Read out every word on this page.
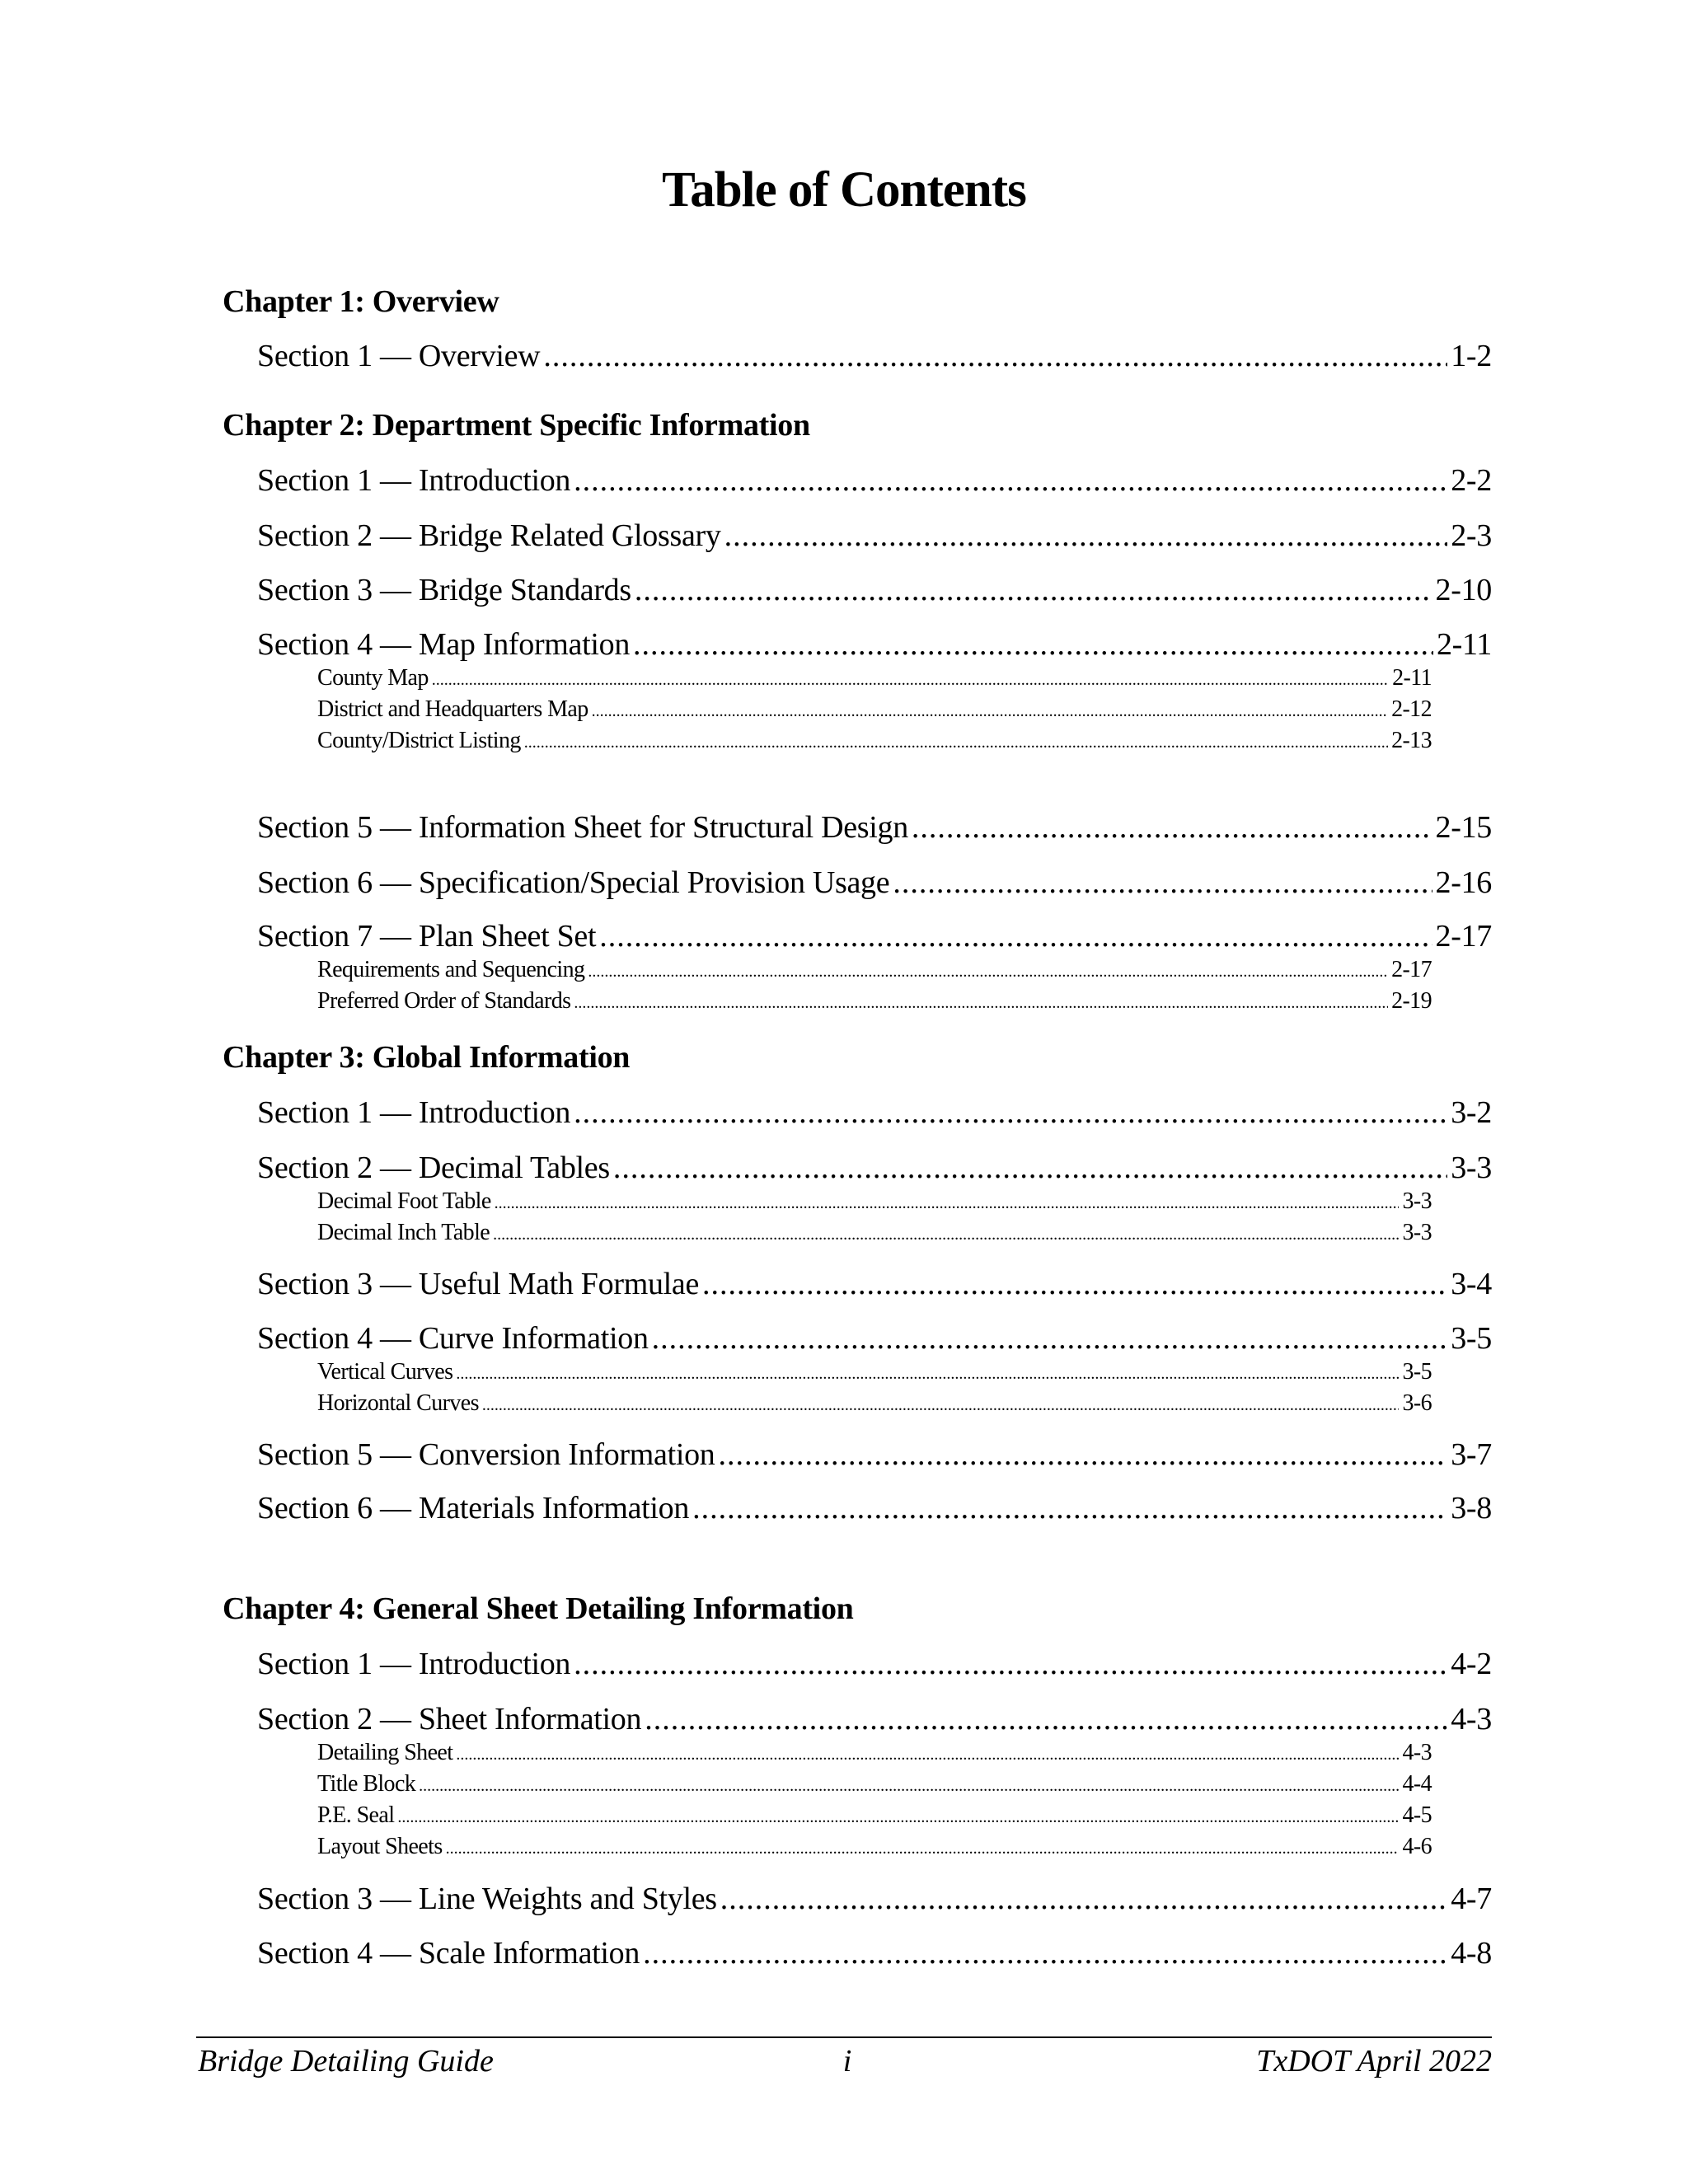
Table of Contents
Chapter 1: Overview
Section 1 — Overview .....	1-2
Chapter 2: Department Specific Information
Section 1 — Introduction .....	2-2
Section 2 — Bridge Related Glossary .....	2-3
Section 3 — Bridge Standards .....	2-10
Section 4 — Map Information .....	2-11
County Map .....	2-11
District and Headquarters Map .....	2-12
County/District Listing .....	2-13
Section 5 — Information Sheet for Structural Design .....	2-15
Section 6 — Specification/Special Provision Usage .....	2-16
Section 7 — Plan Sheet Set .....	2-17
Requirements and Sequencing .....	2-17
Preferred Order of Standards .....	2-19
Chapter 3: Global Information
Section 1 — Introduction .....	3-2
Section 2 — Decimal Tables .....	3-3
Decimal Foot Table .....	3-3
Decimal Inch Table .....	3-3
Section 3 — Useful Math Formulae .....	3-4
Section 4 — Curve Information .....	3-5
Vertical Curves .....	3-5
Horizontal Curves .....	3-6
Section 5 — Conversion Information .....	3-7
Section 6 — Materials Information .....	3-8
Chapter 4: General Sheet Detailing Information
Section 1 — Introduction .....	4-2
Section 2 — Sheet Information .....	4-3
Detailing Sheet .....	4-3
Title Block .....	4-4
P.E. Seal .....	4-5
Layout Sheets .....	4-6
Section 3 — Line Weights and Styles .....	4-7
Section 4 — Scale Information .....	4-8
Bridge Detailing Guide	i	TxDOT April 2022
